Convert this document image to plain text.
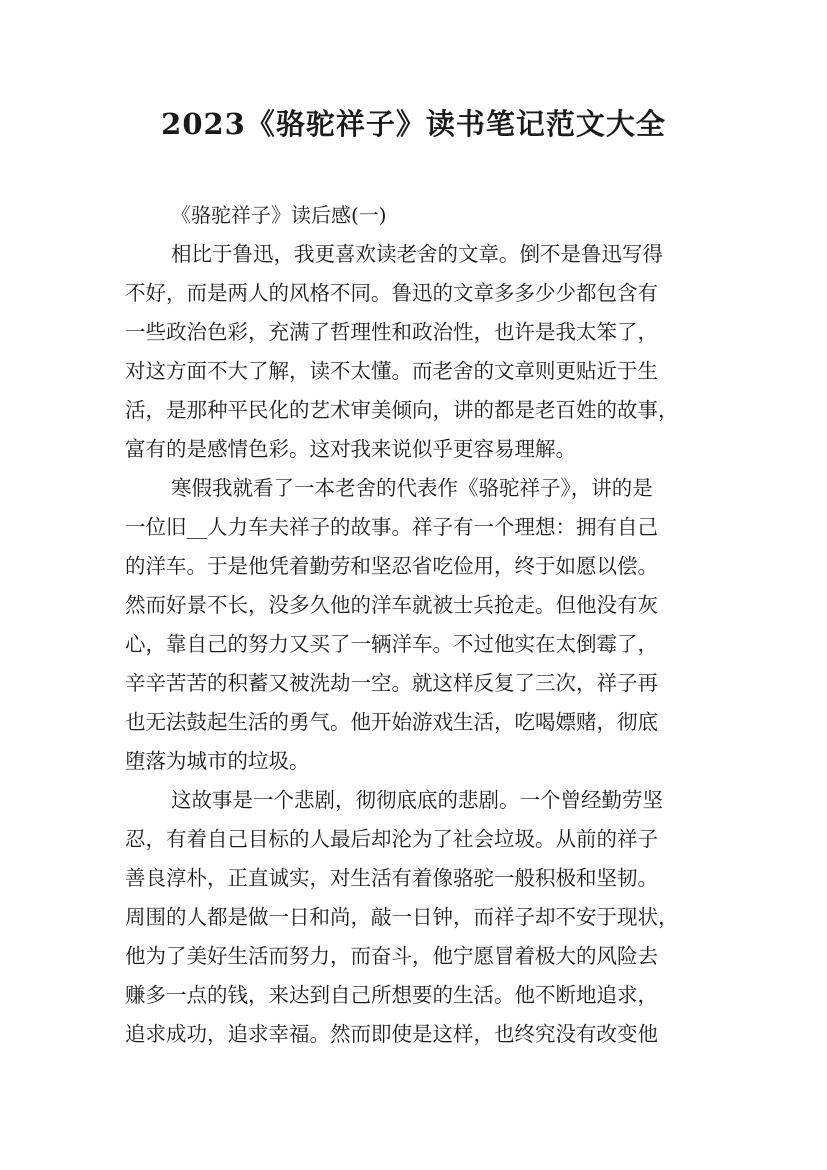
2023《骆驼祥子》读书笔记范文大全
《骆驼祥子》读后感(一)
相比于鲁迅，我更喜欢读老舍的文章。倒不是鲁迅写得
不好，而是两人的风格不同。鲁迅的文章多多少少都包含有
一些政治色彩，充满了哲理性和政治性，也许是我太笨了，
对这方面不大了解，读不太懂。而老舍的文章则更贴近于生
活，是那种平民化的艺术审美倾向，讲的都是老百姓的故事，
富有的是感情色彩。这对我来说似乎更容易理解。
寒假我就看了一本老舍的代表作《骆驼祥子》，讲的是
一位旧__人力车夫祥子的故事。祥子有一个理想：拥有自己
的洋车。于是他凭着勤劳和坚忍省吃俭用，终于如愿以偿。
然而好景不长，没多久他的洋车就被士兵抢走。但他没有灰
心，靠自己的努力又买了一辆洋车。不过他实在太倒霉了，
辛辛苦苦的积蓄又被洗劫一空。就这样反复了三次，祥子再
也无法鼓起生活的勇气。他开始游戏生活，吃喝嫖赌，彻底
堕落为城市的垃圾。
这故事是一个悲剧，彻彻底底的悲剧。一个曾经勤劳坚
忍，有着自己目标的人最后却沦为了社会垃圾。从前的祥子
善良淳朴，正直诚实，对生活有着像骆驼一般积极和坚韧。
周围的人都是做一日和尚，敲一日钟，而祥子却不安于现状，
他为了美好生活而努力，而奋斗，他宁愿冒着极大的风险去
赚多一点的钱，来达到自己所想要的生活。他不断地追求，
追求成功，追求幸福。然而即使是这样，也终究没有改变他
